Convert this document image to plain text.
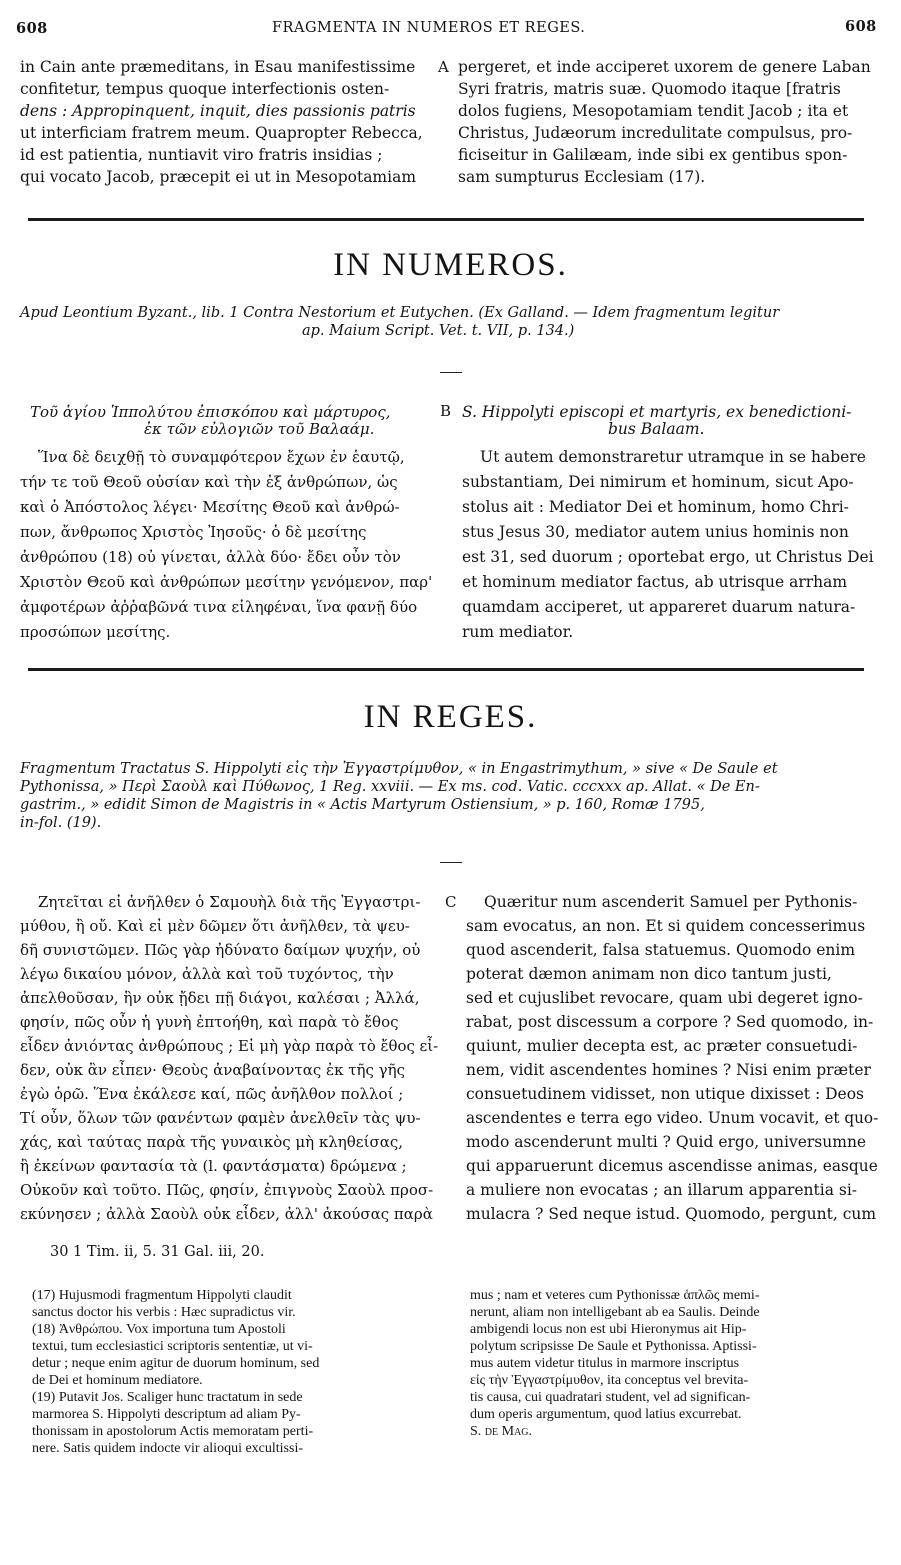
608	FRAGMENTA IN NUMEROS ET REGES.	608
in Cain ante præmeditans, in Esau manifestissime
confitetur, tempus quoque interfectionis osten-
dens : Appropinquent, inquit, dies passionis patris
ut interficiam fratrem meum. Quapropter Rebecca,
id est patientia, nuntiavit viro fratris insidias ;
qui vocato Jacob, præcepit ei ut in Mesopotamiam
A pergeret, et inde acciperet uxorem de genere Laban
Syri fratris, matris suæ. Quomodo itaque [fratris
dolos fugiens, Mesopotamiam tendit Jacob ; ita et
Christus, Judæorum incredulitate compulsus, pro-
ficiseitur in Galilæam, inde sibi ex gentibus spon-
sam sumpturus Ecclesiam (17).
IN NUMEROS.
Apud Leontium Byzant., lib. 1 Contra Nestorium et Eutychen. (Ex Galland. — Idem fragmentum legitur
ap. Maium Script. Vet. t. VII, p. 134.)
Τοῦ ἁγίου Ἱππολύτου ἐπισκόπου καὶ μάρτυρος,
ἐκ τῶν εὐλογιῶν τοῦ Βαλαάμ.
Ἵνα δὲ δειχθῇ τὸ συναμφότερον ἔχων ἐν ἑαυτῷ,
τήν τε τοῦ Θεοῦ οὐσίαν καὶ τὴν ἐξ ἀνθρώπων, ὡς
καὶ ὁ Ἀπόστολος λέγει· Μεσίτης Θεοῦ καὶ ἀνθρώ-
πων, ἄνθρωπος Χριστὸς Ἰησοῦς· ὁ δὲ μεσίτης
ἀνθρώπου (18) οὐ γίνεται, ἀλλὰ δύο· ἔδει οὖν τὸν
Χριστὸν Θεοῦ καὶ ἀνθρώπων μεσίτην γενόμενον, παρ'
ἀμφοτέρων ἀῤῥαβῶνά τινα εἰληφέναι, ἵνα φανῇ δύο
προσώπων μεσίτης.
B S. Hippolyti episcopi et martyris, ex benedictioni-
bus Balaam.
Ut autem demonstraretur utramque in se habere
substantiam, Dei nimirum et hominum, sicut Apo-
stolus ait : Mediator Dei et hominum, homo Chri-
stus Jesus 30, mediator autem unius hominis non
est 31, sed duorum ; oportebat ergo, ut Christus Dei
et hominum mediator factus, ab utrisque arrham
quamdam acciperet, ut appareret duarum natura-
rum mediator.
IN REGES.
Fragmentum Tractatus S. Hippolyti εἰς τὴν Ἐγγαστρίμυθον, « in Engastrimythum, » sive « De Saule et
Pythonissa, » Περὶ Σαοὺλ καὶ Πύθωνος, 1 Reg. xxviii. — Ex ms. cod. Vatic. cccxxx ap. Allat. « De En-
gastrim., » edidit Simon de Magistris in « Actis Martyrum Ostiensium, » p. 160, Romæ 1795,
in-fol. (19).
Ζητεῖται εἰ ἀνῆλθεν ὁ Σαμουὴλ διὰ τῆς Ἐγγαστρι-
μύθου, ἢ οὔ. Καὶ εἰ μὲν δῶμεν ὅτι ἀνῆλθεν, τὰ ψευ-
δῆ συνιστῶμεν. Πῶς γὰρ ἠδύνατο δαίμων ψυχήν, οὐ
λέγω δικαίου μόνον, ἀλλὰ καὶ τοῦ τυχόντος, τὴν
ἀπελθοῦσαν, ἣν οὐκ ᾔδει πῇ διάγοι, καλέσαι ; Ἀλλά,
φησίν, πῶς οὖν ἡ γυνὴ ἐπτοήθη, καὶ παρὰ τὸ ἔθος
εἶδεν ἀνιόντας ἀνθρώπους ; Εἰ μὴ γὰρ παρὰ τὸ ἔθος εἶ-
δεν, οὐκ ἂν εἶπεν· Θεοὺς ἀναβαίνοντας ἐκ τῆς γῆς
ἐγὼ ὁρῶ. Ἕνα ἐκάλεσε καί, πῶς ἀνῆλθον πολλοί ;
Τί οὖν, ὅλων τῶν φανέντων φαμὲν ἀνελθεῖν τὰς ψυ-
χάς, καὶ ταύτας παρὰ τῆς γυναικὸς μὴ κληθείσας,
ἢ ἐκείνων φαντασία τὰ (l. φαντάσματα) δρώμενα ;
Οὐκοῦν καὶ τοῦτο. Πῶς, φησίν, ἐπιγνοὺς Σαοὺλ προσ-
εκύνησεν ; ἀλλὰ Σαοὺλ οὐκ εἶδεν, ἀλλ' ἀκούσας παρὰ
C Quæritur num ascenderit Samuel per Pythonis-
sam evocatus, an non. Et si quidem concesserimus
quod ascenderit, falsa statuemus. Quomodo enim
poterat dæmon animam non dico tantum justi,
sed et cujuslibet revocare, quam ubi degeret igno-
rabat, post discessum a corpore ? Sed quomodo, in-
quiunt, mulier decepta est, ac præter consuetudi-
nem, vidit ascendentes homines ? Nisi enim præter
consuetudinem vidisset, non utique dixisset : Deos
ascendentes e terra ego video. Unum vocavit, et quo-
modo ascenderunt multi ? Quid ergo, universumne
qui apparuerunt dicemus ascendisse animas, easque
a muliere non evocatas ; an illarum apparentia si-
mulacra ? Sed neque istud. Quomodo, pergunt, cum
30 1 Tim. ii, 5. 31 Gal. iii, 20.
(17) Hujusmodi fragmentum Hippolyti claudit
sanctus doctor his verbis : Hæc supradictus vir.
(18) Ἀνθρώπου. Vox importuna tum Apostoli
textui, tum ecclesiastici scriptoris sententiæ, ut vi-
detur ; neque enim agitur de duorum hominum, sed
de Dei et hominum mediatore.
(19) Putavit Jos. Scaliger hunc tractatum in sede
marmorea S. Hippolyti descriptum ad aliam Py-
thonissam in apostolorum Actis memoratam perti-
nere. Satis quidem indocte vir alioqui excultissi-
mus ; nam et veteres cum Pythonissæ ἁπλῶς memi-
nerunt, aliam non intelligebant ab ea Saulis. Deinde
ambigendi locus non est ubi Hieronymus ait Hip-
polytum scripsisse De Saule et Pythonissa. Aptissi-
mus autem videtur titulus in marmore inscriptus
εἰς τὴν Ἐγγαστρίμυθον, ita conceptus vel brevita-
tis causa, cui quadratari student, vel ad significan-
dum operis argumentum, quod latius excurrebat.
S. de Mag.
